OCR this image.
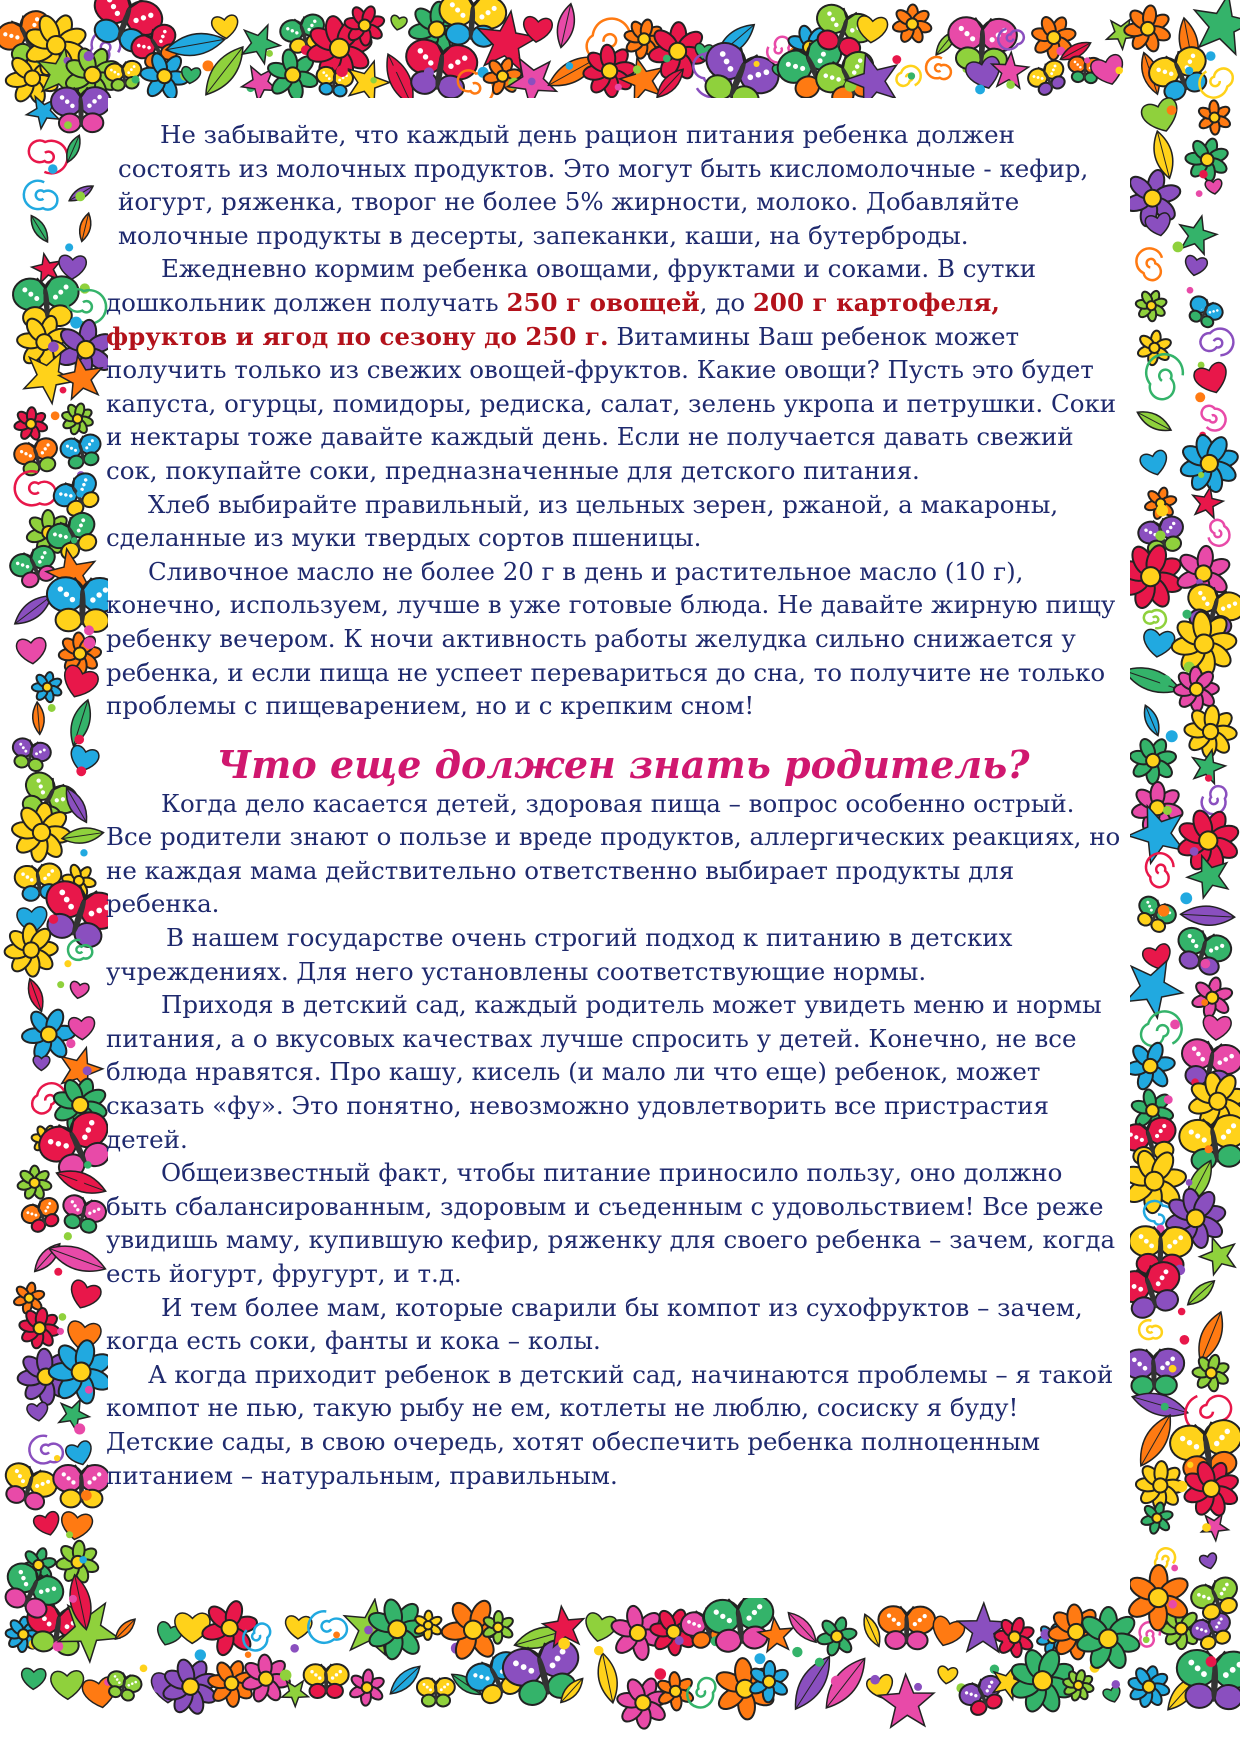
Не забывайте, что каждый день рацион питания ребенка должен состоять из молочных продуктов. Это могут быть кисломолочные - кефир, йогурт, ряженка, творог не более 5% жирности, молоко. Добавляйте молочные продукты в десерты, запеканки, каши, на бутерброды.

Ежедневно кормим ребенка овощами, фруктами и соками. В сутки дошкольник должен получать 250 г овощей, до 200 г картофеля, фруктов и ягод по сезону до 250 г. Витамины Ваш ребенок может получить только из свежих овощей-фруктов. Какие овощи? Пусть это будет капуста, огурцы, помидоры, редиска, салат, зелень укропа и петрушки. Соки и нектары тоже давайте каждый день. Если не получается давать свежий сок, покупайте соки, предназначенные для детского питания.

Хлеб выбирайте правильный, из цельных зерен, ржаной, а макароны, сделанные из муки твердых сортов пшеницы.

Сливочное масло не более 20 г в день и растительное масло (10 г), конечно, используем, лучше в уже готовые блюда. Не давайте жирную пищу ребенку вечером. К ночи активность работы желудка сильно снижается у ребенка, и если пища не успеет перевариться до сна, то получите не только проблемы с пищеварением, но и с крепким сном!

Что еще должен знать родитель?

Когда дело касается детей, здоровая пища – вопрос особенно острый. Все родители знают о пользе и вреде продуктов, аллергических реакциях, но не каждая мама действительно ответственно выбирает продукты для ребенка.

В нашем государстве очень строгий подход к питанию в детских учреждениях. Для него установлены соответствующие нормы.

Приходя в детский сад, каждый родитель может увидеть меню и нормы питания, а о вкусовых качествах лучше спросить у детей. Конечно, не все блюда нравятся. Про кашу, кисель (и мало ли что еще) ребенок, может сказать «фу». Это понятно, невозможно удовлетворить все пристрастия детей.

Общеизвестный факт, чтобы питание приносило пользу, оно должно быть сбалансированным, здоровым и съеденным с удовольствием! Все реже увидишь маму, купившую кефир, ряженку для своего ребенка – зачем, когда есть йогурт, фругурт, и т.д.

И тем более мам, которые сварили бы компот из сухофруктов – зачем, когда есть соки, фанты и кока – колы.

А когда приходит ребенок в детский сад, начинаются проблемы – я такой компот не пью, такую рыбу не ем, котлеты не люблю, сосиску я буду! Детские сады, в свою очередь, хотят обеспечить ребенка полноценным питанием – натуральным, правильным.
